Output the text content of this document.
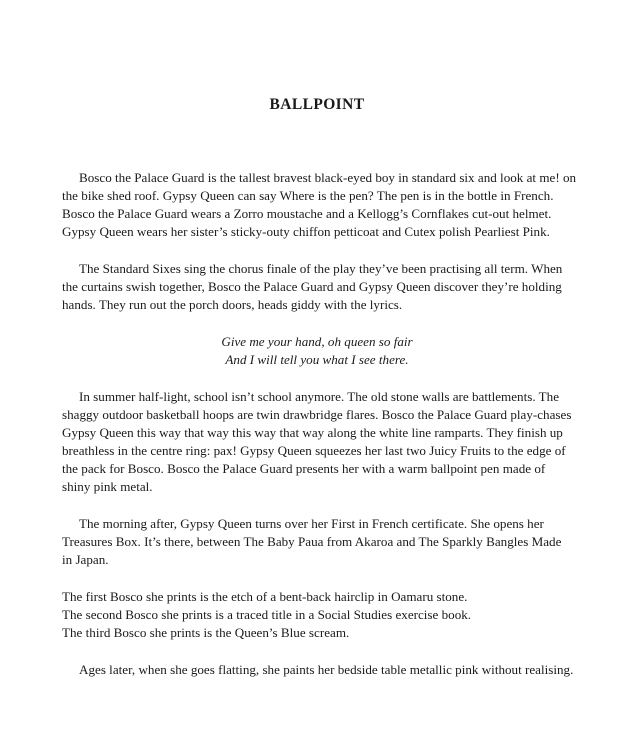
BALLPOINT

Bosco the Palace Guard is the tallest bravest black-eyed boy in standard six and look at me! on
the bike shed roof. Gypsy Queen can say Where is the pen? The pen is in the bottle in French.
Bosco the Palace Guard wears a Zorro moustache and a Kellogg’s Cornflakes cut-out helmet.
Gypsy Queen wears her sister’s sticky-outy chiffon petticoat and Cutex polish Pearliest Pink.

The Standard Sixes sing the chorus finale of the play they’ve been practising all term. When
the curtains swish together, Bosco the Palace Guard and Gypsy Queen discover they’re holding
hands. They run out the porch doors, heads giddy with the lyrics.

Give me your hand, oh queen so fair
And I will tell you what I see there.

In summer half-light, school isn’t school anymore. The old stone walls are battlements. The
shaggy outdoor basketball hoops are twin drawbridge flares. Bosco the Palace Guard play-chases
Gypsy Queen this way that way this way that way along the white line ramparts. They finish up
breathless in the centre ring: pax! Gypsy Queen squeezes her last two Juicy Fruits to the edge of
the pack for Bosco. Bosco the Palace Guard presents her with a warm ballpoint pen made of
shiny pink metal.

The morning after, Gypsy Queen turns over her First in French certificate. She opens her
Treasures Box. It’s there, between The Baby Paua from Akaroa and The Sparkly Bangles Made
in Japan.

The first Bosco she prints is the etch of a bent-back hairclip in Oamaru stone.
The second Bosco she prints is a traced title in a Social Studies exercise book.
The third Bosco she prints is the Queen’s Blue scream.

Ages later, when she goes flatting, she paints her bedside table metallic pink without realising.
